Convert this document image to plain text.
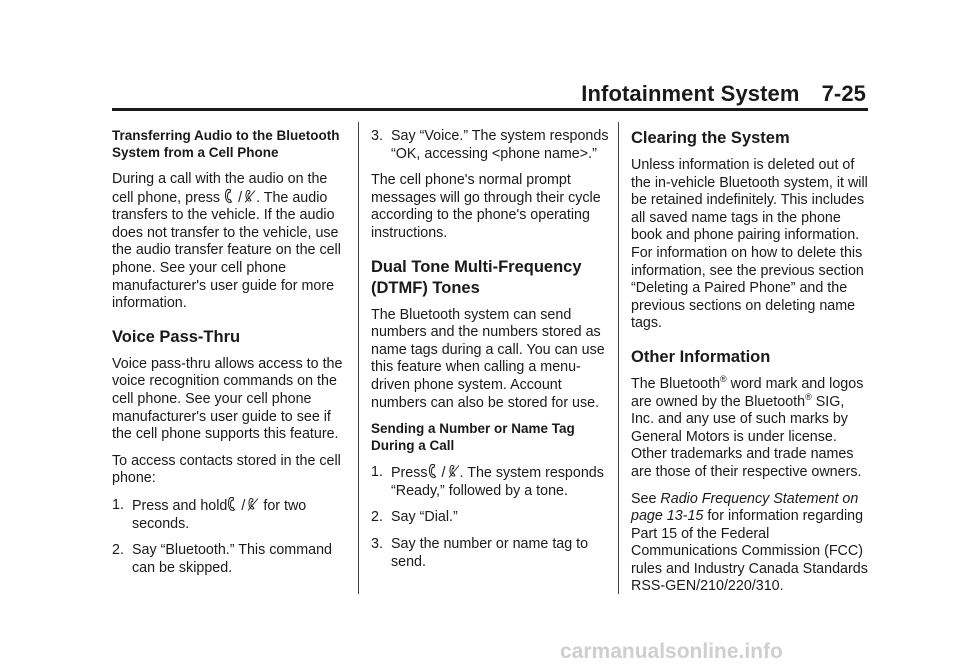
Infotainment System 7-25
Transferring Audio to the Bluetooth System from a Cell Phone

During a call with the audio on the cell phone, press / . The audio transfers to the vehicle. If the audio does not transfer to the vehicle, use the audio transfer feature on the cell phone. See your cell phone manufacturer's user guide for more information.

Voice Pass-Thru

Voice pass-thru allows access to the voice recognition commands on the cell phone. See your cell phone manufacturer's user guide to see if the cell phone supports this feature.

To access contacts stored in the cell phone:

1. Press and hold / for two seconds.
2. Say “Bluetooth.” This command can be skipped.
3. Say “Voice.” The system responds “OK, accessing <phone name>.”

The cell phone's normal prompt messages will go through their cycle according to the phone's operating instructions.

Dual Tone Multi-Frequency (DTMF) Tones

The Bluetooth system can send numbers and the numbers stored as name tags during a call. You can use this feature when calling a menu-driven phone system. Account numbers can also be stored for use.

Sending a Number or Name Tag During a Call
1. Press / . The system responds “Ready,” followed by a tone.
2. Say “Dial.”
3. Say the number or name tag to send.
Clearing the System

Unless information is deleted out of the in-vehicle Bluetooth system, it will be retained indefinitely. This includes all saved name tags in the phone book and phone pairing information. For information on how to delete this information, see the previous section “Deleting a Paired Phone” and the previous sections on deleting name tags.

Other Information

The Bluetooth® word mark and logos are owned by the Bluetooth® SIG, Inc. and any use of such marks by General Motors is under license. Other trademarks and trade names are those of their respective owners.

See Radio Frequency Statement on page 13-15 for information regarding Part 15 of the Federal Communications Commission (FCC) rules and Industry Canada Standards RSS-GEN/210/220/310.

carmanualsonline.info
